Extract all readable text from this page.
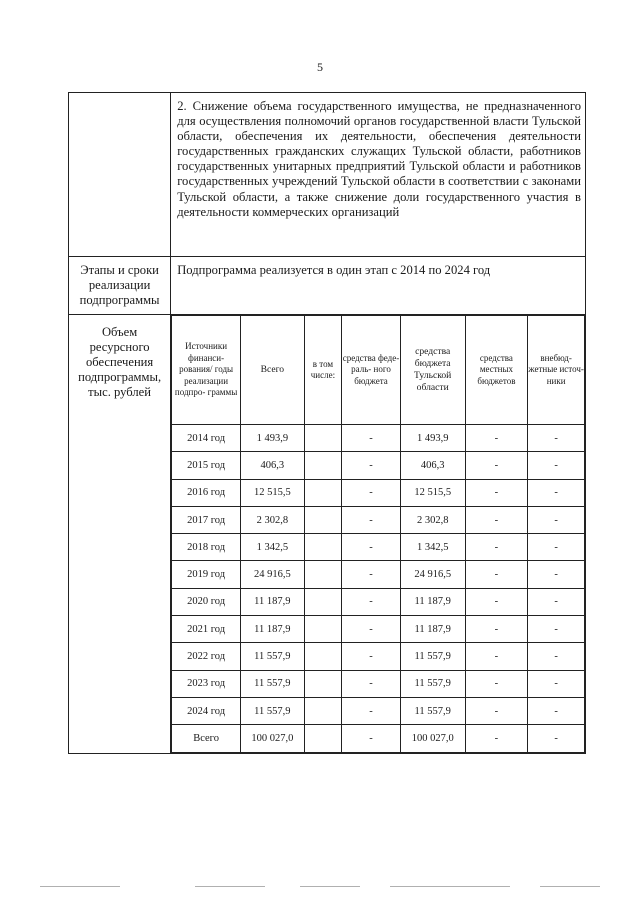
5

2. Снижение объема государственного имущества, не предназначенного для осуществления полномочий органов государственной власти Тульской области, обеспечения их деятельности, обеспечения деятельности государственных гражданских служащих Тульской области, работников государственных унитарных предприятий Тульской области и работников государственных учреждений Тульской области в соответствии с законами Тульской области, а также снижение доли государственного участия в деятельности коммерческих организаций

Этапы и сроки реализации подпрограммы	Подпрограмма реализуется в один этап с 2014 по 2024 год
Объем ресурсного обеспечения подпрограммы, тыс. рублей	
Источники финанси- рования/ годы реализации подпро- граммы	Всего	в том числе:	средства феде- раль- ного бюджета	средства бюджета Тульской области	средства местных бюджетов	внебюд- жетные источ- ники
2014 год	1 493,9		-	1 493,9	-	-
2015 год	406,3		-	406,3	-	-
2016 год	12 515,5		-	12 515,5	-	-
2017 год	2 302,8		-	2 302,8	-	-
2018 год	1 342,5		-	1 342,5	-	-
2019 год	24 916,5		-	24 916,5	-	-
2020 год	11 187,9		-	11 187,9	-	-
2021 год	11 187,9		-	11 187,9	-	-
2022 год	11 557,9		-	11 557,9	-	-
2023 год	11 557,9		-	11 557,9	-	-
2024 год	11 557,9		-	11 557,9	-	-
Всего	100 027,0		-	100 027,0	-	-
